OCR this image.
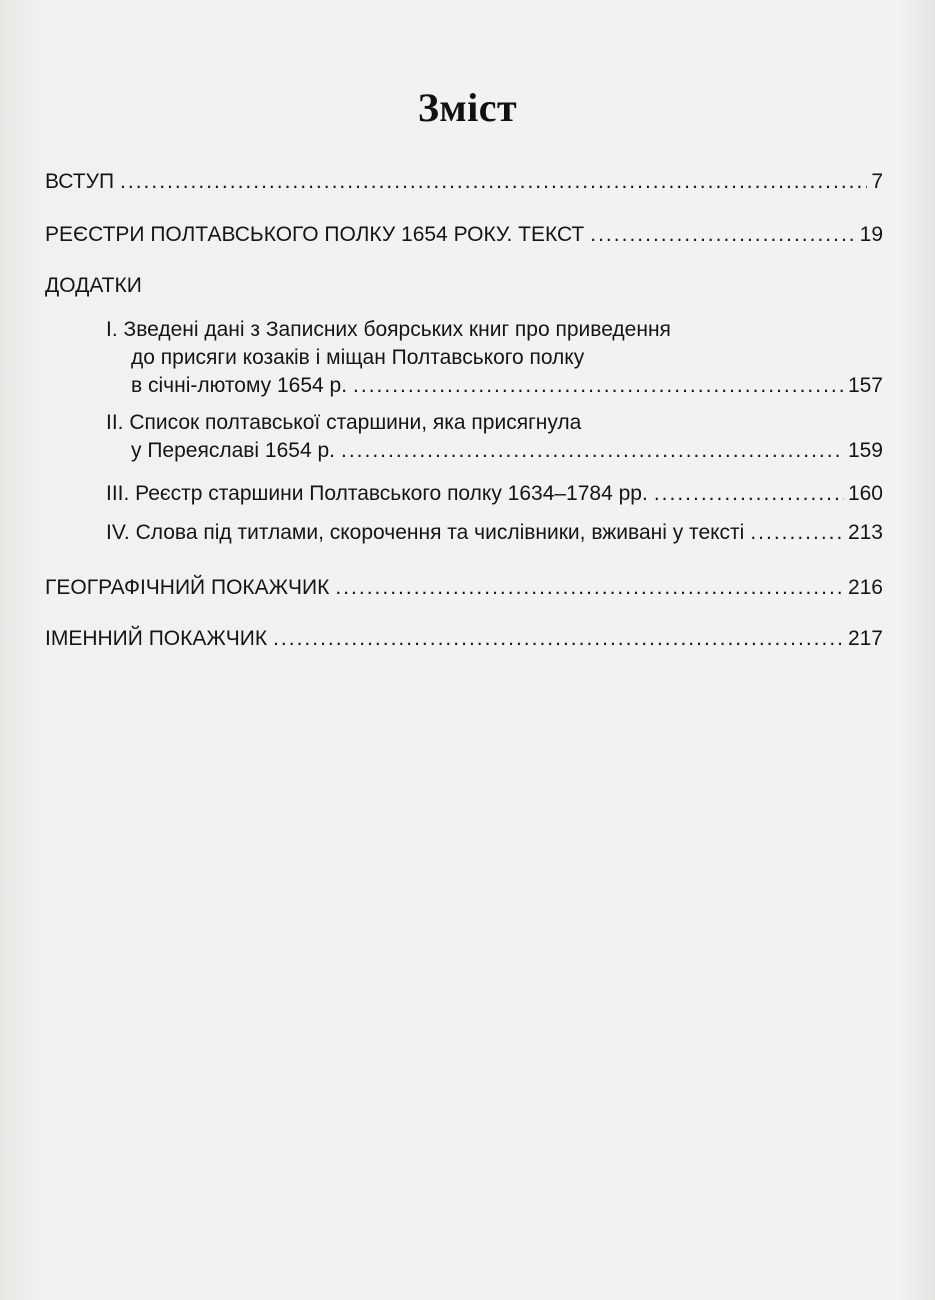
Зміст
ВСТУП .....	7
РЕЄСТРИ ПОЛТАВСЬКОГО ПОЛКУ 1654 РОКУ. ТЕКСТ .....	19
ДОДАТКИ
І. Зведені дані з Записних боярських книг про приведення
до присяги козаків і міщан Полтавського полку
в січні-лютому 1654 р. .....	157
ІІ. Список полтавської старшини, яка присягнула
у Переяславі 1654 р. .....	159
ІІІ. Реєстр старшини Полтавського полку 1634–1784 рр. .....	160
IV. Слова під титлами, скорочення та числівники, вживані у тексті .....	213
ГЕОГРАФІЧНИЙ ПОКАЖЧИК .....	216
ІМЕННИЙ ПОКАЖЧИК .....	217
